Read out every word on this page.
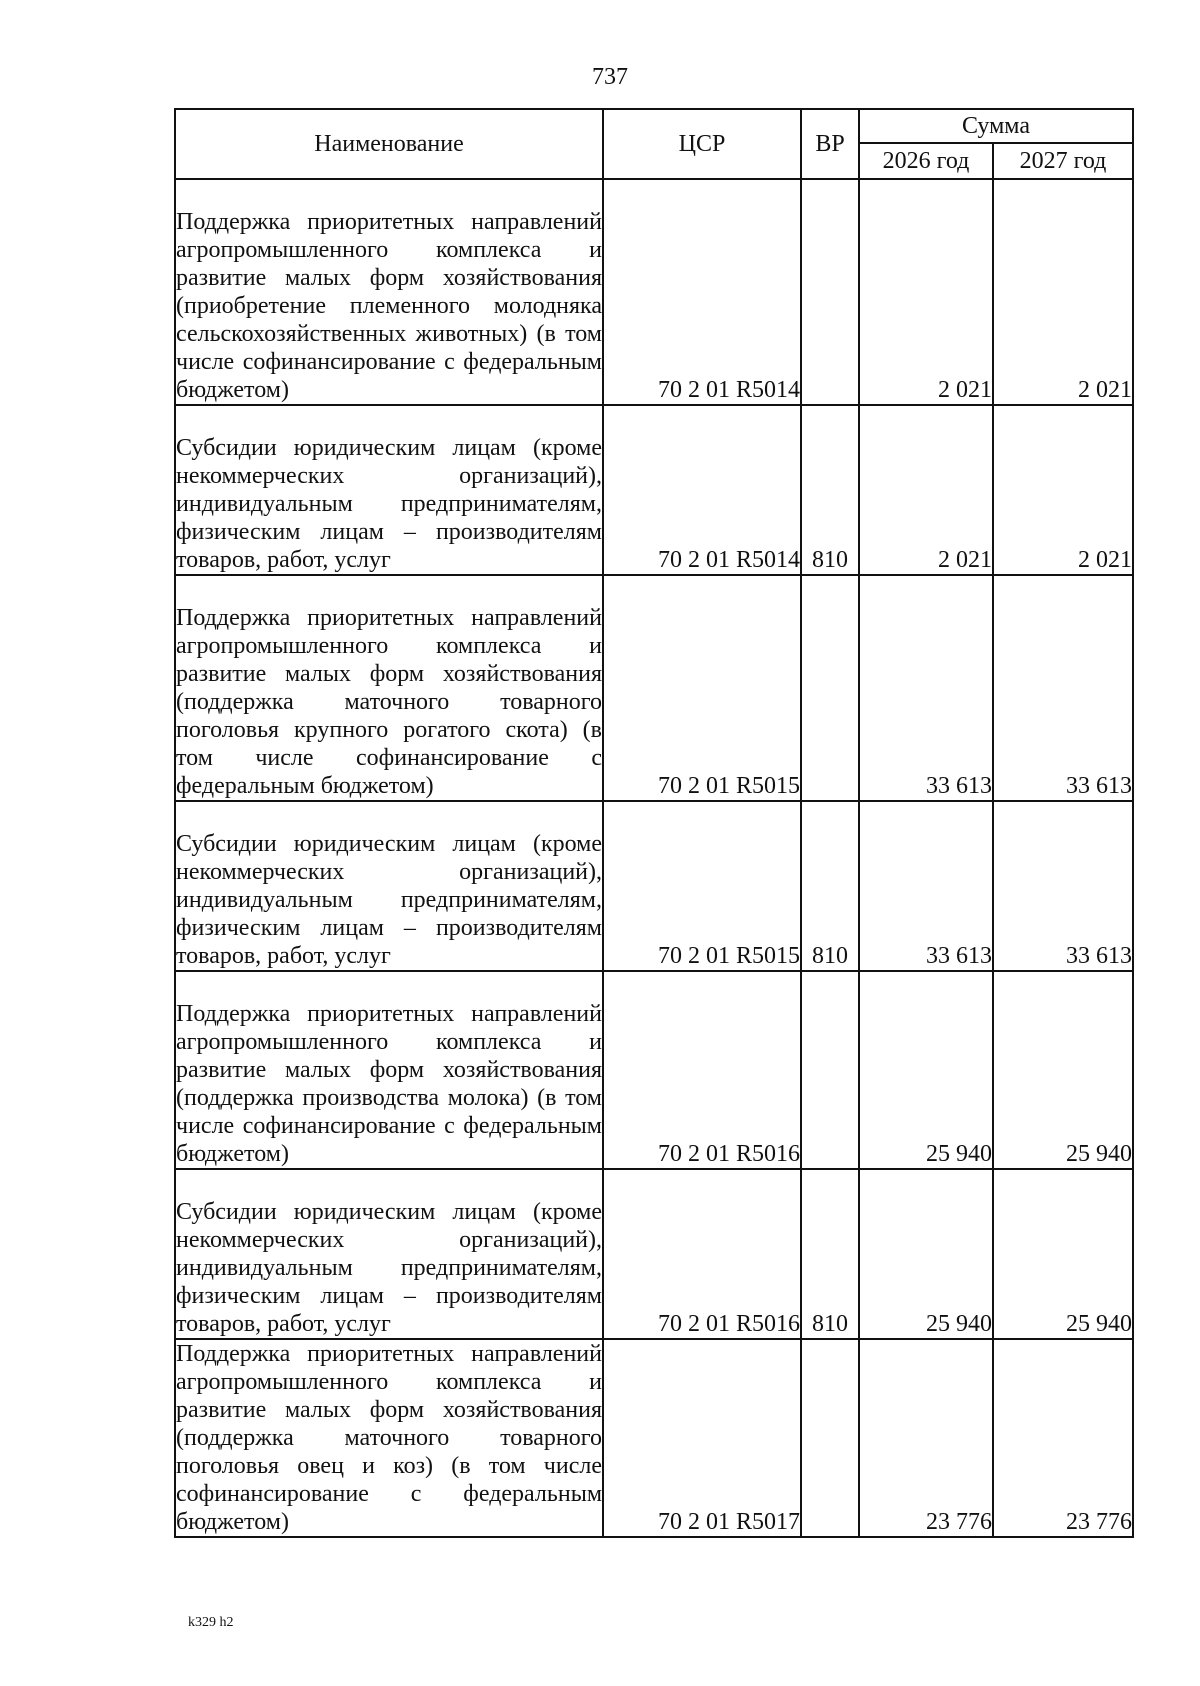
737
Наименование	ЦСР	ВР	Сумма	
			2026 год	2027 год
Поддержка приоритетных направлений агропромышленного комплекса и развитие малых форм хозяйствования (приобретение племенного молодняка сельскохозяйственных животных) (в том числе софинансирование с федеральным бюджетом)	70 2 01 R5014		2 021	2 021
Субсидии юридическим лицам (кроме некоммерческих организаций), индивидуальным предпринимателям, физическим лицам – производителям товаров, работ, услуг	70 2 01 R5014	810	2 021	2 021
Поддержка приоритетных направлений агропромышленного комплекса и развитие малых форм хозяйствования (поддержка маточного товарного поголовья крупного рогатого скота) (в том числе софинансирование с федеральным бюджетом)	70 2 01 R5015		33 613	33 613
Субсидии юридическим лицам (кроме некоммерческих организаций), индивидуальным предпринимателям, физическим лицам – производителям товаров, работ, услуг	70 2 01 R5015	810	33 613	33 613
Поддержка приоритетных направлений агропромышленного комплекса и развитие малых форм хозяйствования (поддержка производства молока) (в том числе софинансирование с федеральным бюджетом)	70 2 01 R5016		25 940	25 940
Субсидии юридическим лицам (кроме некоммерческих организаций), индивидуальным предпринимателям, физическим лицам – производителям товаров, работ, услуг	70 2 01 R5016	810	25 940	25 940
Поддержка приоритетных направлений агропромышленного комплекса и развитие малых форм хозяйствования (поддержка маточного товарного поголовья овец и коз) (в том числе софинансирование с федеральным бюджетом)	70 2 01 R5017		23 776	23 776
k329 h2
